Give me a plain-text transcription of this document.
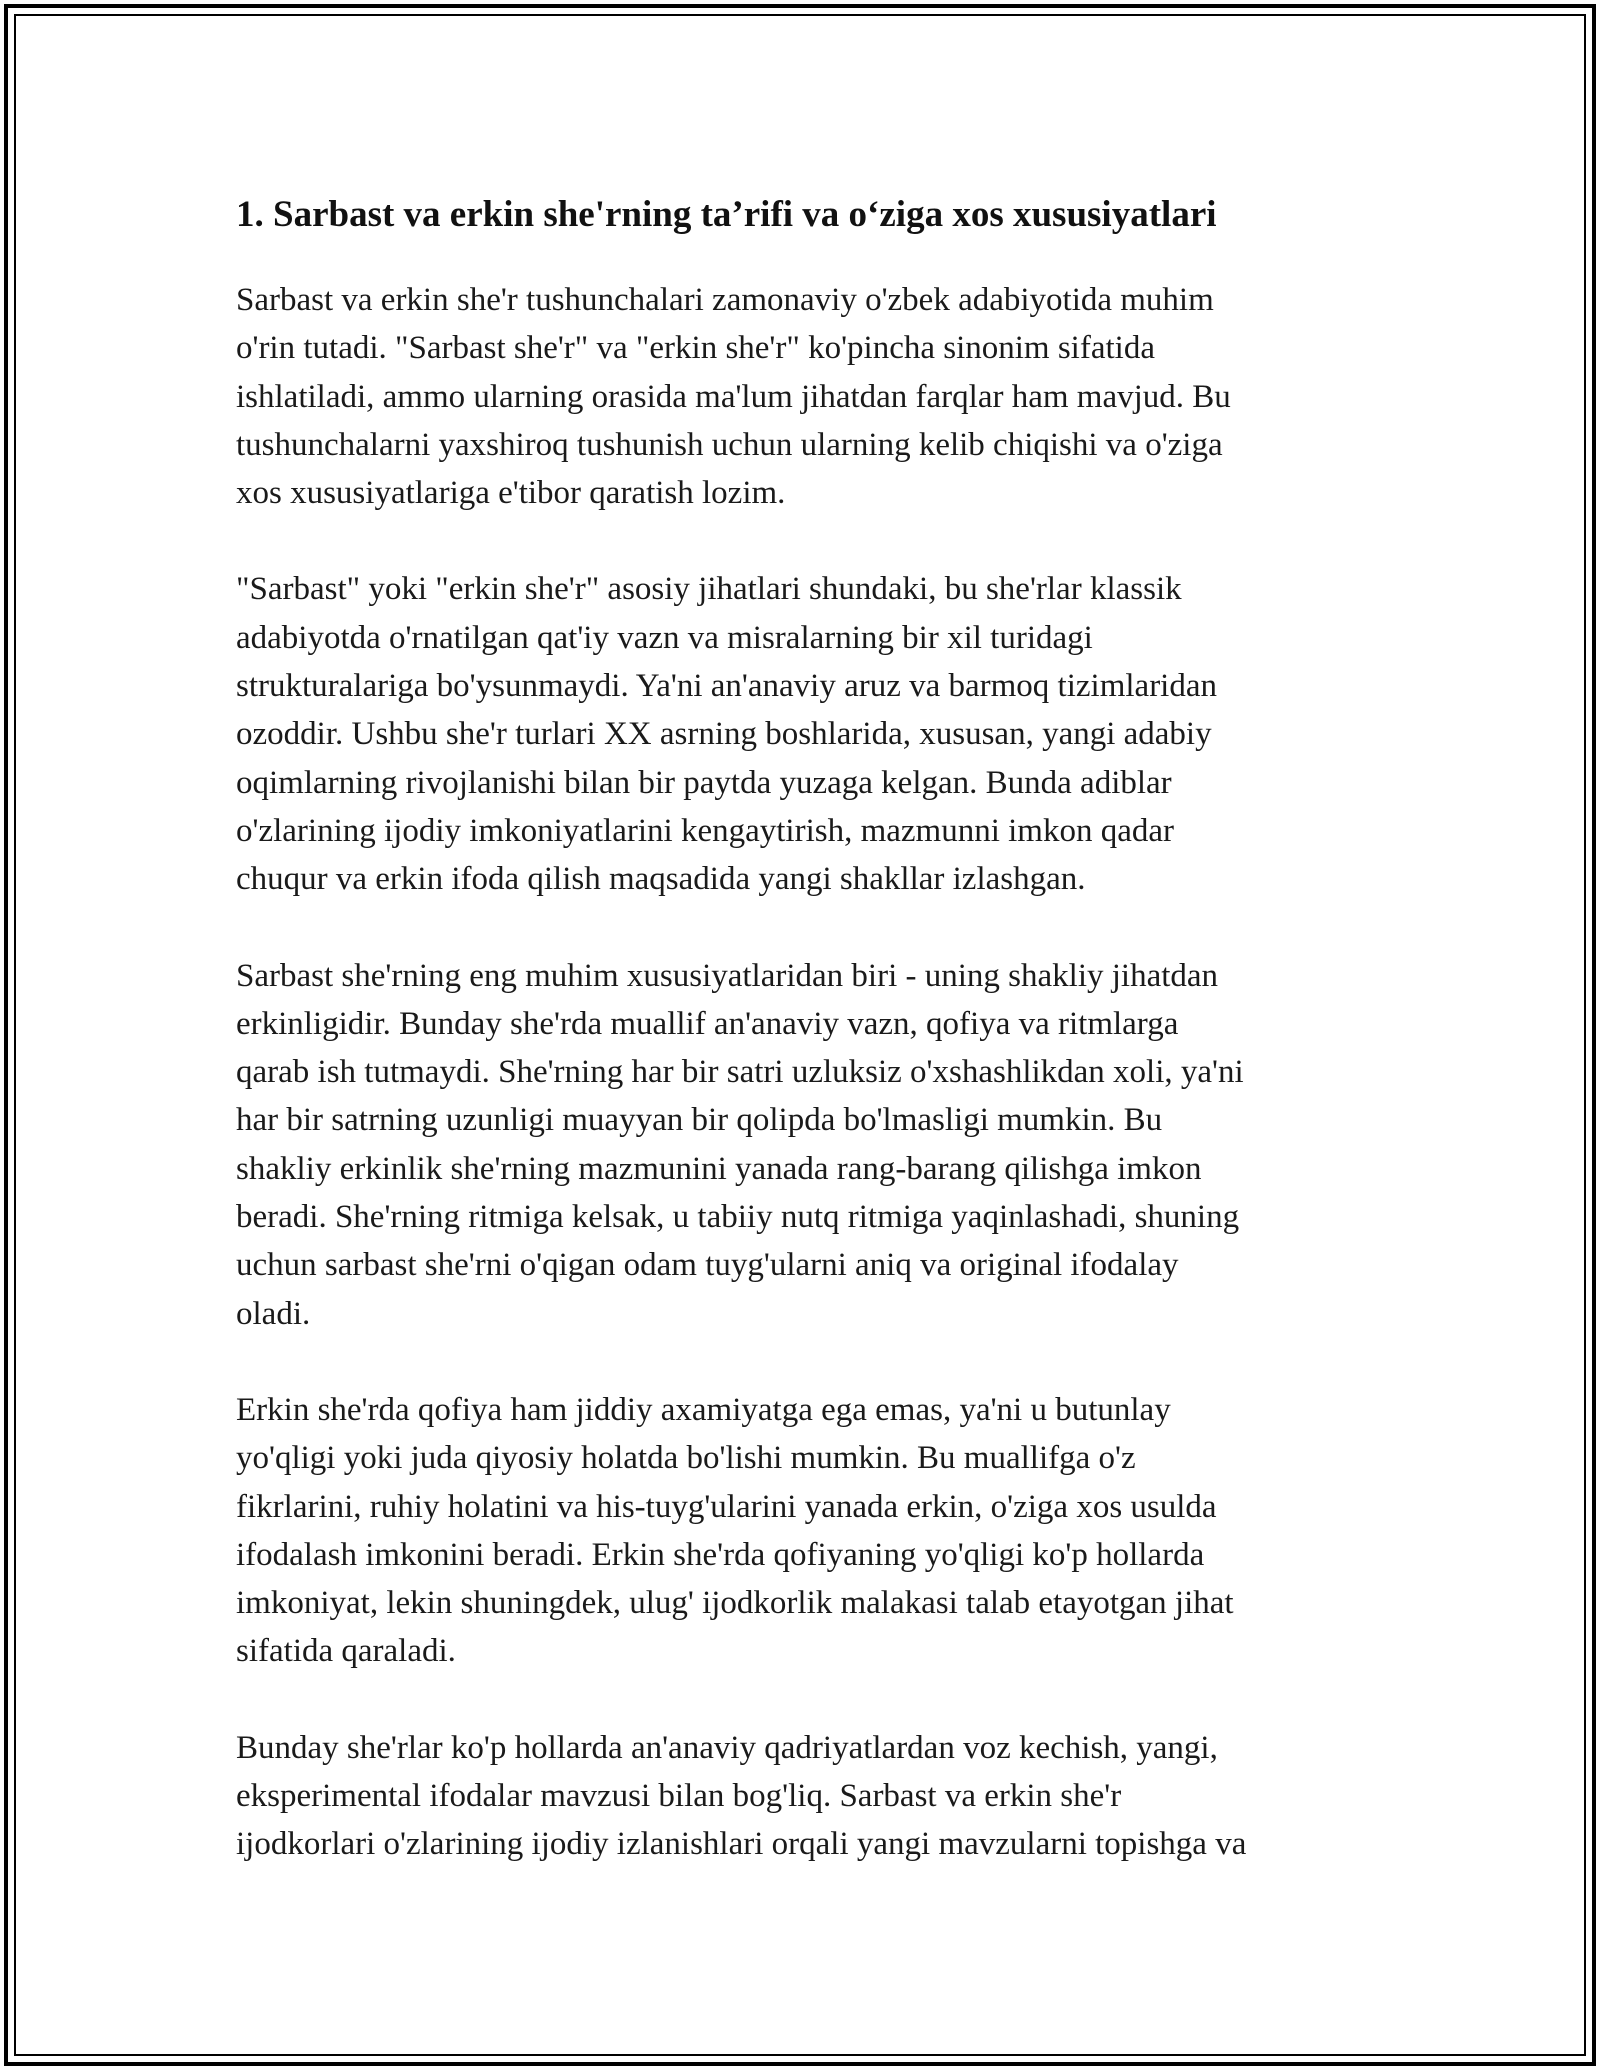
1. Sarbast va erkin she'rning ta’rifi va o‘ziga xos xususiyatlari

Sarbast va erkin she'r tushunchalari zamonaviy o'zbek adabiyotida muhim
o'rin tutadi. "Sarbast she'r" va "erkin she'r" ko'pincha sinonim sifatida
ishlatiladi, ammo ularning orasida ma'lum jihatdan farqlar ham mavjud. Bu
tushunchalarni yaxshiroq tushunish uchun ularning kelib chiqishi va o'ziga
xos xususiyatlariga e'tibor qaratish lozim.

"Sarbast" yoki "erkin she'r" asosiy jihatlari shundaki, bu she'rlar klassik
adabiyotda o'rnatilgan qat'iy vazn va misralarning bir xil turidagi
strukturalariga bo'ysunmaydi. Ya'ni an'anaviy aruz va barmoq tizimlaridan
ozoddir. Ushbu she'r turlari XX asrning boshlarida, xususan, yangi adabiy
oqimlarning rivojlanishi bilan bir paytda yuzaga kelgan. Bunda adiblar
o'zlarining ijodiy imkoniyatlarini kengaytirish, mazmunni imkon qadar
chuqur va erkin ifoda qilish maqsadida yangi shakllar izlashgan.

Sarbast she'rning eng muhim xususiyatlaridan biri - uning shakliy jihatdan
erkinligidir. Bunday she'rda muallif an'anaviy vazn, qofiya va ritmlarga
qarab ish tutmaydi. She'rning har bir satri uzluksiz o'xshashlikdan xoli, ya'ni
har bir satrning uzunligi muayyan bir qolipda bo'lmasligi mumkin. Bu
shakliy erkinlik she'rning mazmunini yanada rang-barang qilishga imkon
beradi. She'rning ritmiga kelsak, u tabiiy nutq ritmiga yaqinlashadi, shuning
uchun sarbast she'rni o'qigan odam tuyg'ularni aniq va original ifodalay
oladi.

Erkin she'rda qofiya ham jiddiy axamiyatga ega emas, ya'ni u butunlay
yo'qligi yoki juda qiyosiy holatda bo'lishi mumkin. Bu muallifga o'z
fikrlarini, ruhiy holatini va his-tuyg'ularini yanada erkin, o'ziga xos usulda
ifodalash imkonini beradi. Erkin she'rda qofiyaning yo'qligi ko'p hollarda
imkoniyat, lekin shuningdek, ulug' ijodkorlik malakasi talab etayotgan jihat
sifatida qaraladi.

Bunday she'rlar ko'p hollarda an'anaviy qadriyatlardan voz kechish, yangi,
eksperimental ifodalar mavzusi bilan bog'liq. Sarbast va erkin she'r
ijodkorlari o'zlarining ijodiy izlanishlari orqali yangi mavzularni topishga va
